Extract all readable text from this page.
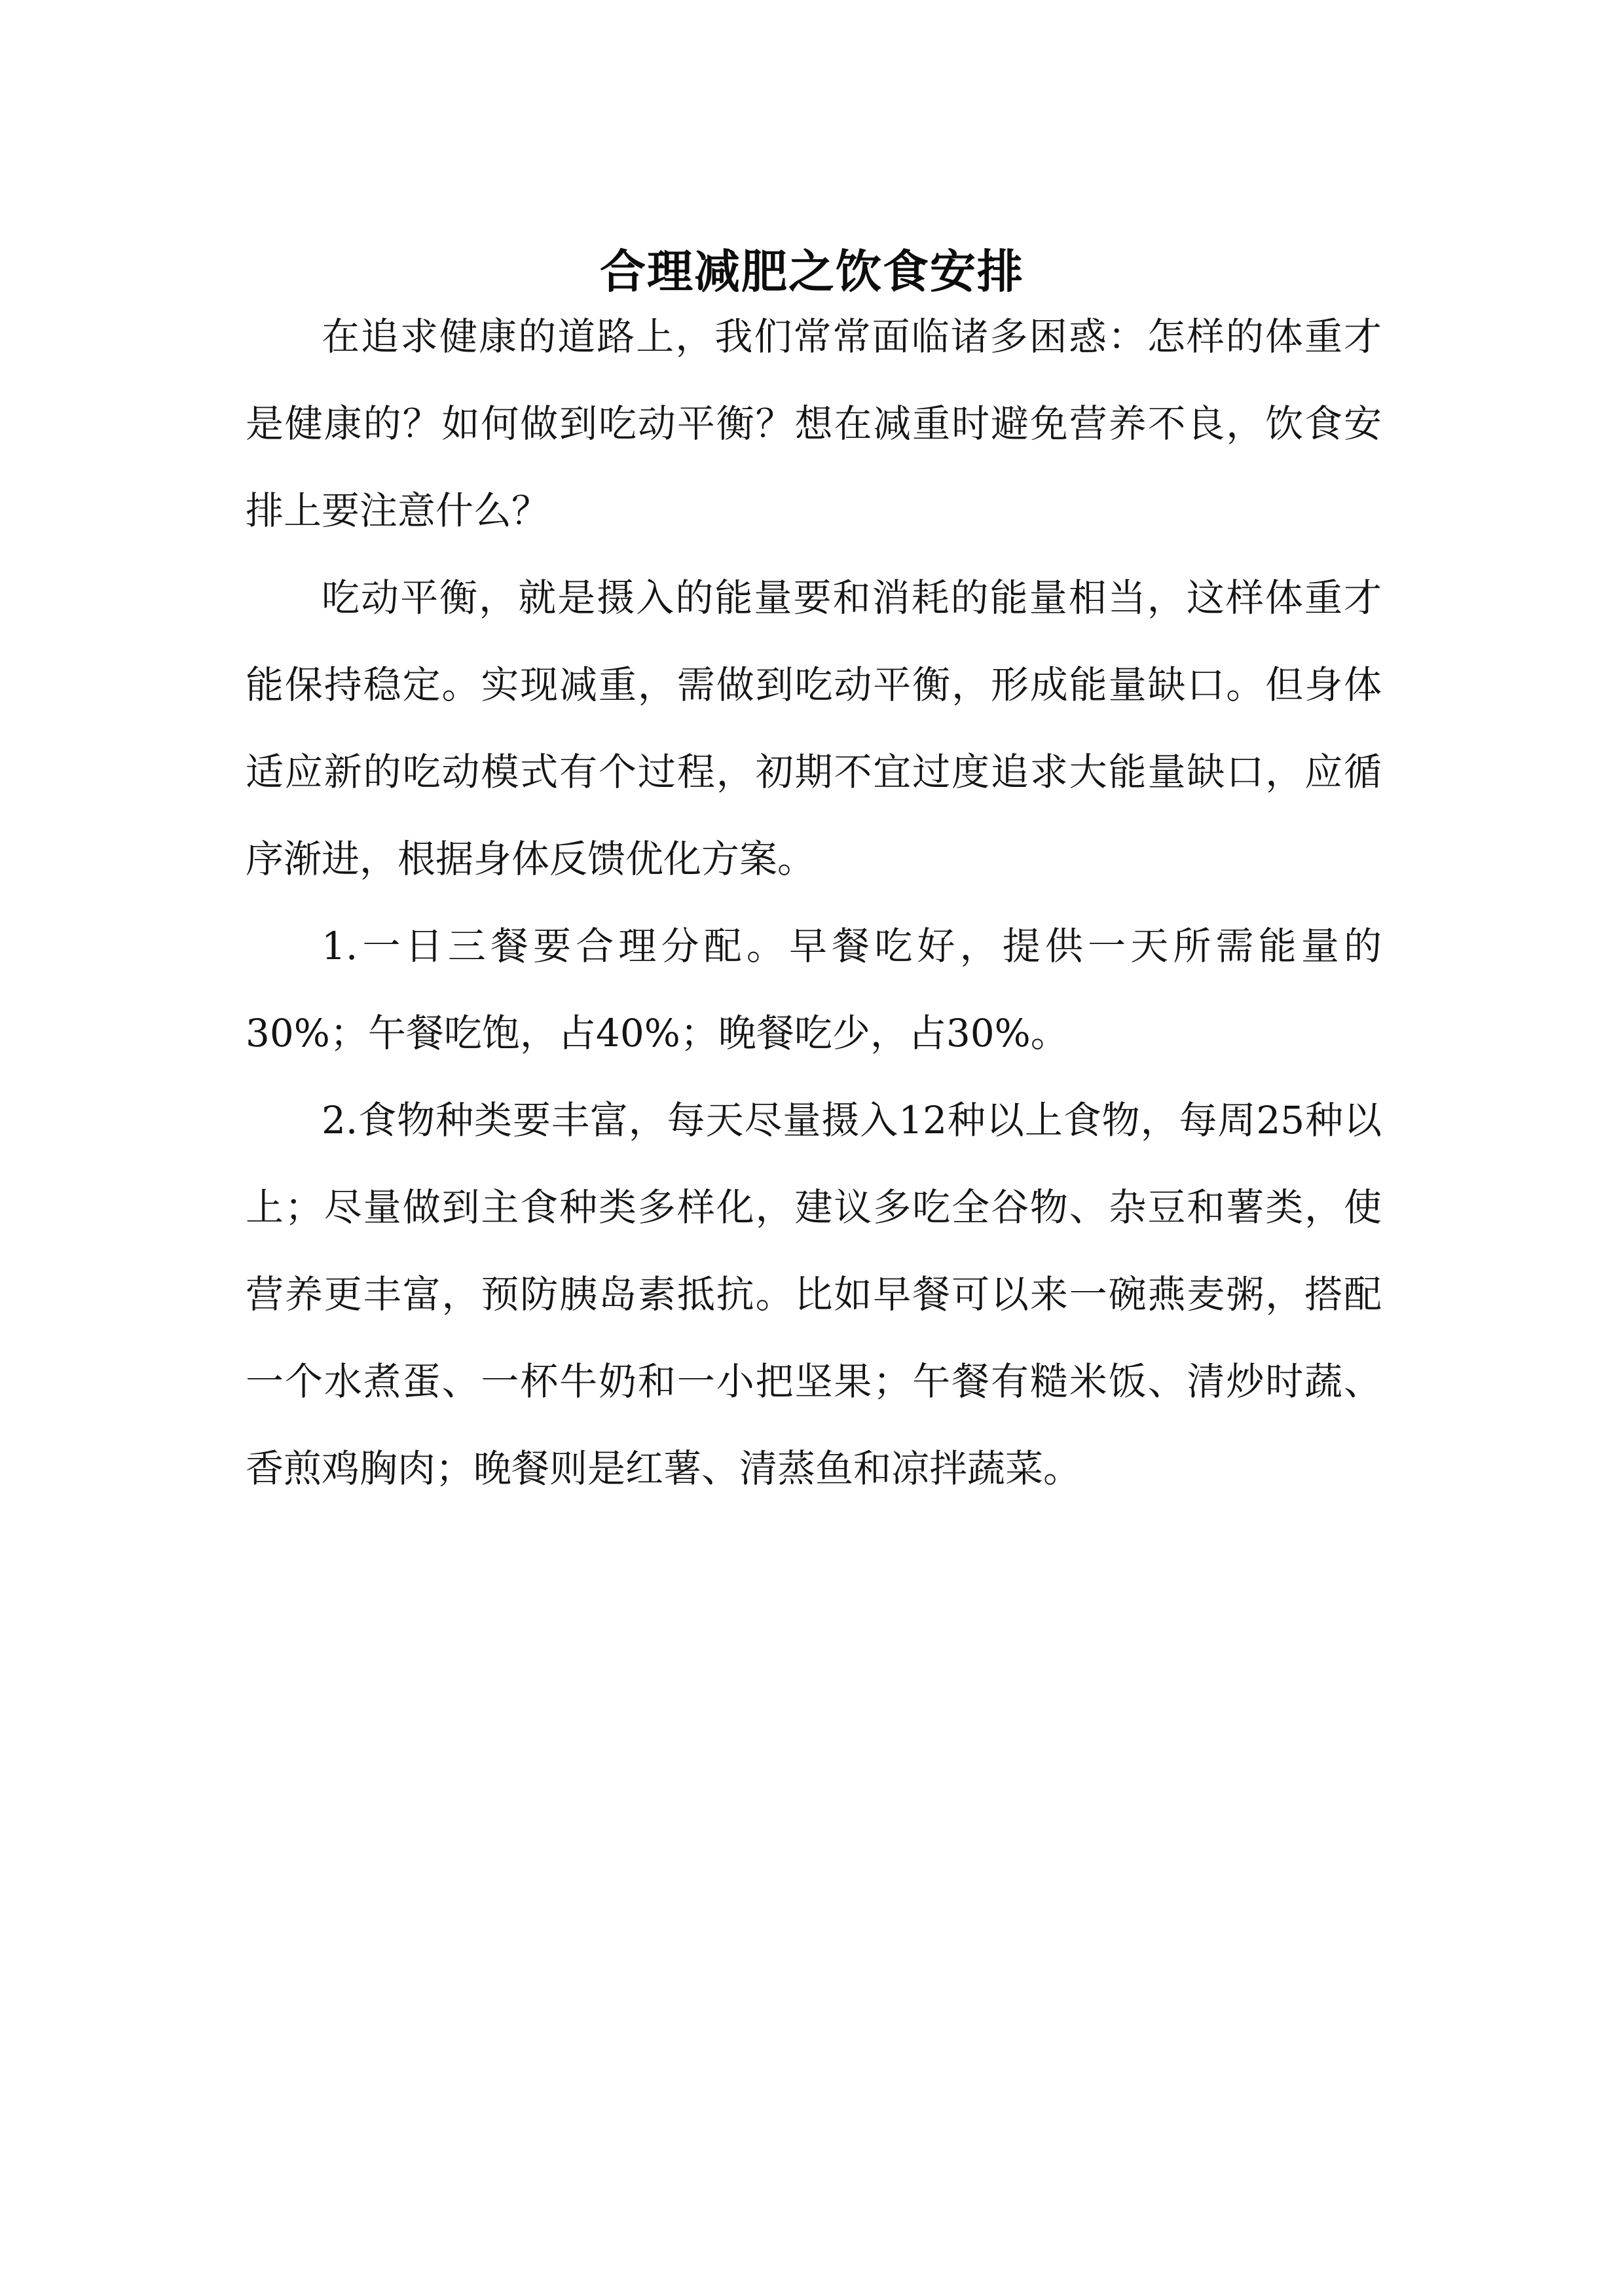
合理减肥之饮食安排

在追求健康的道路上，我们常常面临诸多困惑：怎样的体重才是健康的？如何做到吃动平衡？想在减重时避免营养不良，饮食安排上要注意什么？

吃动平衡，就是摄入的能量要和消耗的能量相当，这样体重才能保持稳定。实现减重，需做到吃动平衡，形成能量缺口。但身体适应新的吃动模式有个过程，初期不宜过度追求大能量缺口，应循序渐进，根据身体反馈优化方案。

1.一日三餐要合理分配。早餐吃好，提供一天所需能量的30%；午餐吃饱，占40%；晚餐吃少，占30%。

2.食物种类要丰富，每天尽量摄入12种以上食物，每周25种以上；尽量做到主食种类多样化，建议多吃全谷物、杂豆和薯类，使营养更丰富，预防胰岛素抵抗。比如早餐可以来一碗燕麦粥，搭配一个水煮蛋、一杯牛奶和一小把坚果；午餐有糙米饭、清炒时蔬、香煎鸡胸肉；晚餐则是红薯、清蒸鱼和凉拌蔬菜。
